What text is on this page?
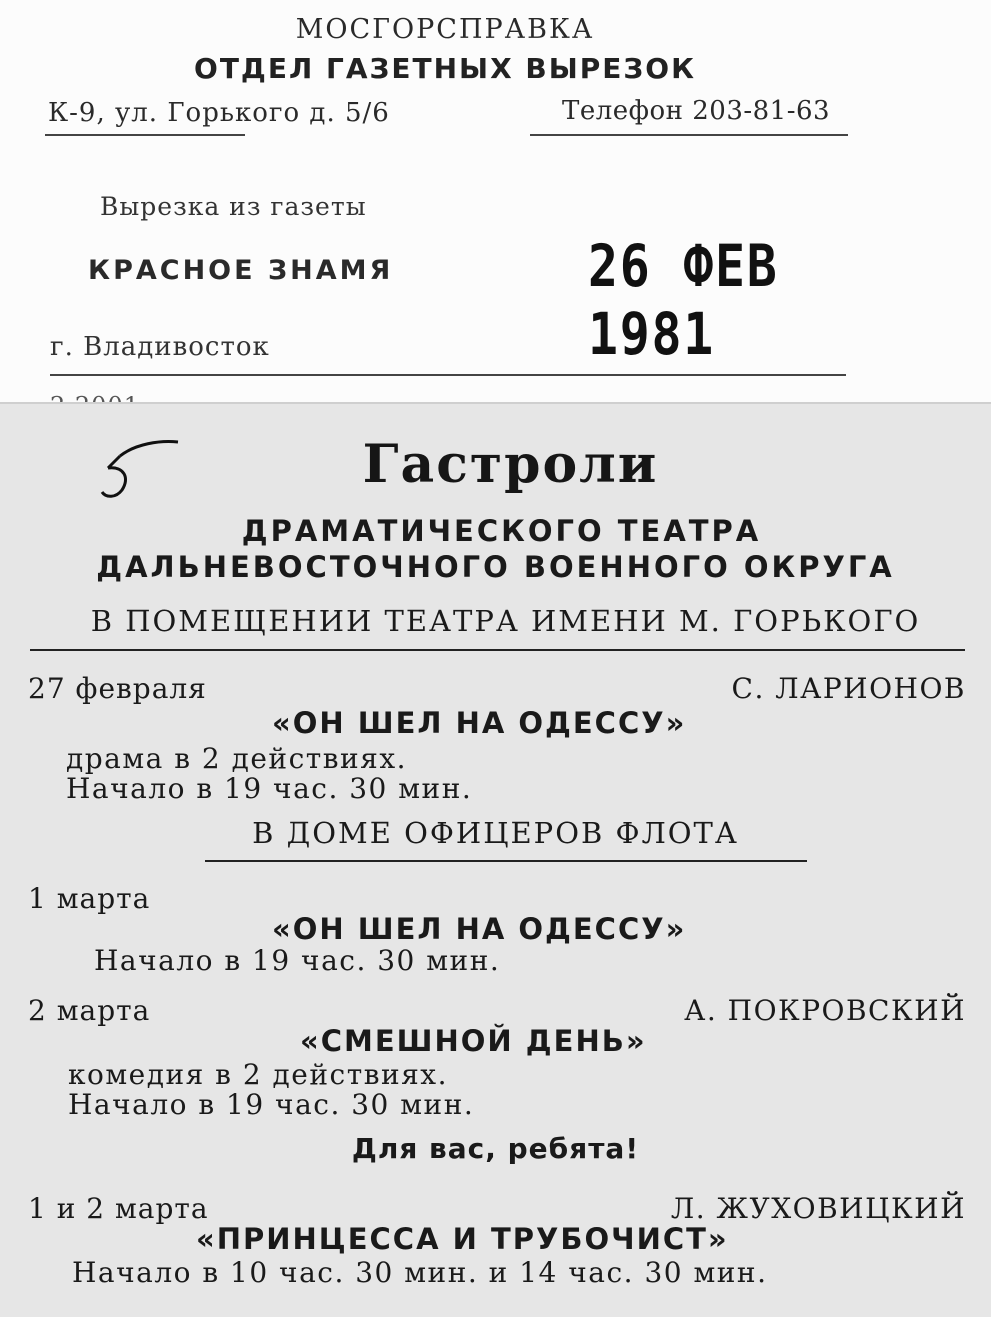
МОСГОРСПРАВКА
ОТДЕЛ ГАЗЕТНЫХ ВЫРЕЗОК
К-9, ул. Горького д. 5/6	Телефон 203-81-63
Вырезка из газеты
КРАСНОЕ ЗНАМЯ	26 ФЕВ 1981
г. Владивосток
Гастроли
ДРАМАТИЧЕСКОГО ТЕАТРА
ДАЛЬНЕВОСТОЧНОГО ВОЕННОГО ОКРУГА
В ПОМЕЩЕНИИ ТЕАТРА ИМЕНИ М. ГОРЬКОГО
27 февраля	С. ЛАРИОНОВ
«ОН ШЕЛ НА ОДЕССУ»
драма в 2 действиях.
Начало в 19 час. 30 мин.
В ДОМЕ ОФИЦЕРОВ ФЛОТА
1 марта
«ОН ШЕЛ НА ОДЕССУ»
Начало в 19 час. 30 мин.
2 марта	А. ПОКРОВСКИЙ
«СМЕШНОЙ ДЕНЬ»
комедия в 2 действиях.
Начало в 19 час. 30 мин.
Для вас, ребята!
1 и 2 марта	Л. ЖУХОВИЦКИЙ
«ПРИНЦЕССА И ТРУБОЧИСТ»
Начало в 10 час. 30 мин. и 14 час. 30 мин.
